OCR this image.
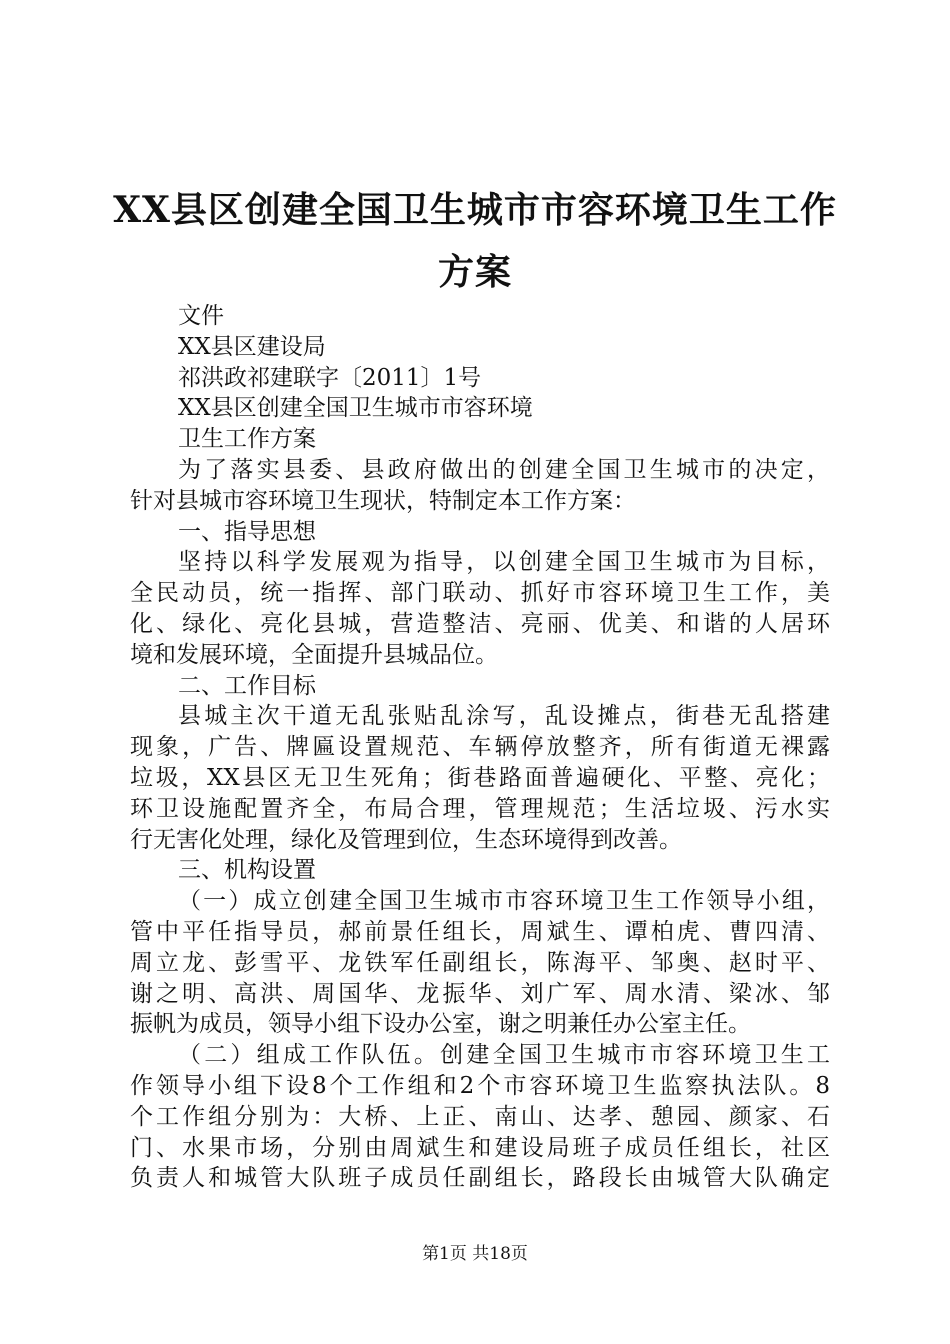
XX县区创建全国卫生城市市容环境卫生工作
方案
文件
XX县区建设局
祁洪政祁建联字〔2011〕1号
XX县区创建全国卫生城市市容环境
卫生工作方案
为了落实县委、县政府做出的创建全国卫生城市的决定，
针对县城市容环境卫生现状，特制定本工作方案：
一、指导思想
坚持以科学发展观为指导，以创建全国卫生城市为目标，
全民动员，统一指挥、部门联动、抓好市容环境卫生工作，美
化、绿化、亮化县城，营造整洁、亮丽、优美、和谐的人居环
境和发展环境，全面提升县城品位。
二、工作目标
县城主次干道无乱张贴乱涂写，乱设摊点，街巷无乱搭建
现象，广告、牌匾设置规范、车辆停放整齐，所有街道无裸露
垃圾，XX县区无卫生死角；街巷路面普遍硬化、平整、亮化；
环卫设施配置齐全，布局合理，管理规范；生活垃圾、污水实
行无害化处理，绿化及管理到位，生态环境得到改善。
三、机构设置
（一）成立创建全国卫生城市市容环境卫生工作领导小组，
管中平任指导员，郝前景任组长，周斌生、谭柏虎、曹四清、
周立龙、彭雪平、龙铁军任副组长，陈海平、邹奥、赵时平、
谢之明、高洪、周国华、龙振华、刘广军、周水清、梁冰、邹
振帆为成员，领导小组下设办公室，谢之明兼任办公室主任。
（二）组成工作队伍。创建全国卫生城市市容环境卫生工
作领导小组下设8个工作组和2个市容环境卫生监察执法队。8
个工作组分别为：大桥、上正、南山、达孝、憩园、颜家、石
门、水果市场，分别由周斌生和建设局班子成员任组长，社区
负责人和城管大队班子成员任副组长，路段长由城管大队确定
第1页 共18页
